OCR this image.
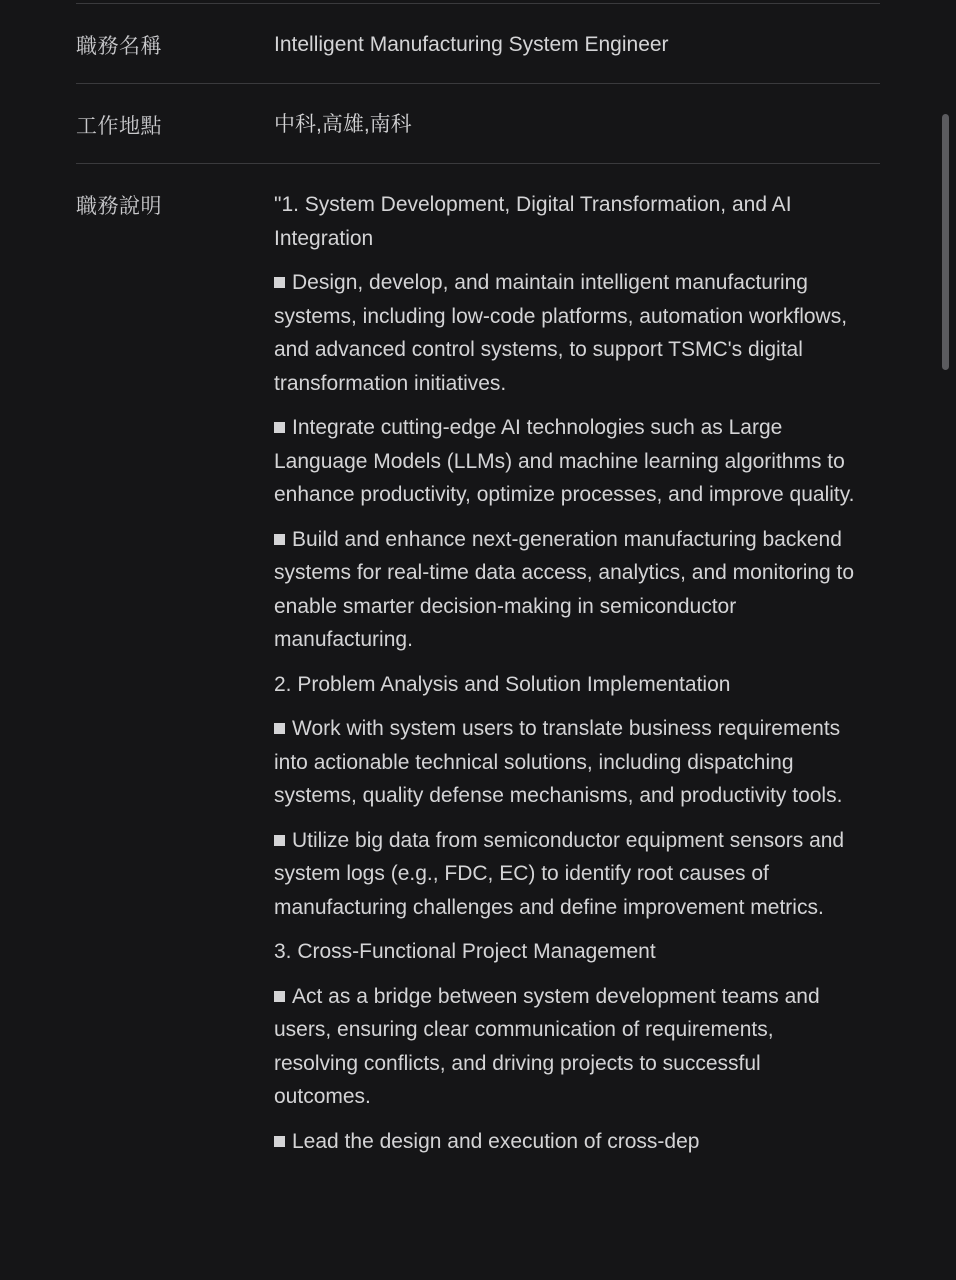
職務名稱	Intelligent Manufacturing System Engineer
工作地點	中科,高雄,南科
職務說明	"1. System Development, Digital Transformation, and AI Integration

Design, develop, and maintain intelligent manufacturing systems, including low-code platforms, automation workflows, and advanced control systems, to support TSMC's digital transformation initiatives.

Integrate cutting-edge AI technologies such as Large Language Models (LLMs) and machine learning algorithms to enhance productivity, optimize processes, and improve quality.

Build and enhance next-generation manufacturing backend systems for real-time data access, analytics, and monitoring to enable smarter decision-making in semiconductor manufacturing.

2. Problem Analysis and Solution Implementation

Work with system users to translate business requirements into actionable technical solutions, including dispatching systems, quality defense mechanisms, and productivity tools.

Utilize big data from semiconductor equipment sensors and system logs (e.g., FDC, EC) to identify root causes of manufacturing challenges and define improvement metrics.

3. Cross-Functional Project Management

Act as a bridge between system development teams and users, ensuring clear communication of requirements, resolving conflicts, and driving projects to successful outcomes.

Lead the design and execution of cross-dep
